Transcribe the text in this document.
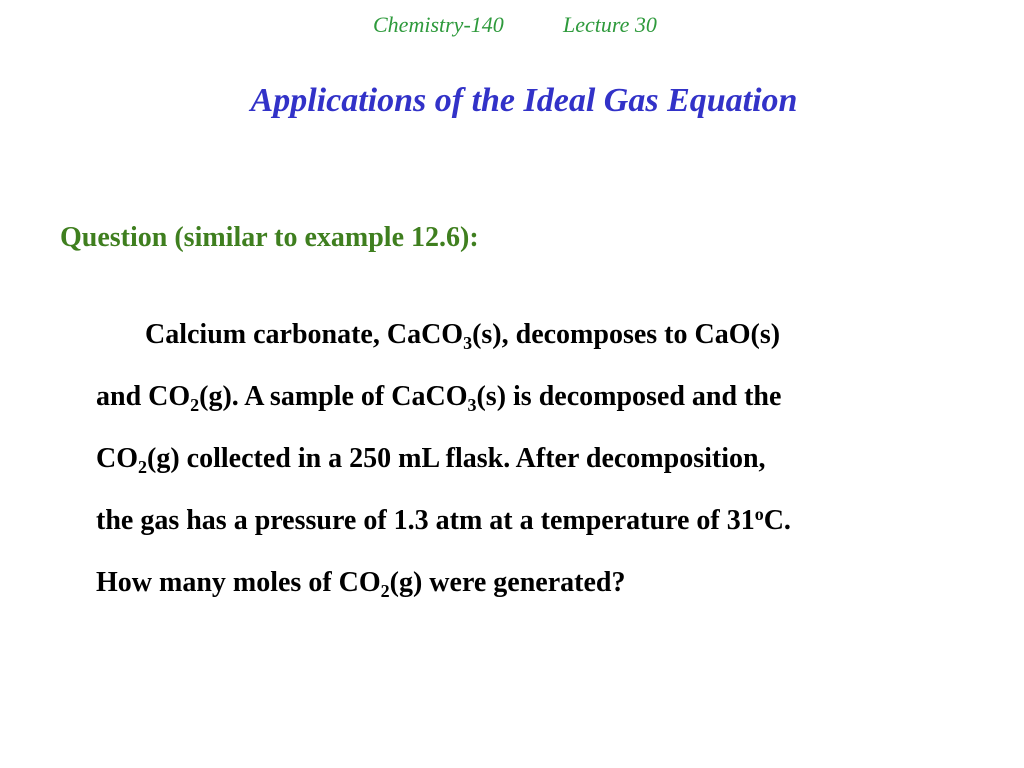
Chemistry-140	Lecture 30
Applications of the Ideal Gas Equation
Question (similar to example 12.6):
Calcium carbonate, CaCO$_3$(s), decomposes to CaO(s)
and $CO_2(g)$. A sample of CaCO$_3$(s) is decomposed and the
$CO_2(g)$ collected in a 250 mL flask. After decomposition,
the gas has a pressure of 1.3 atm at a temperature of 31$^o$C.
How many moles of $CO_2(g)$ were generated?
